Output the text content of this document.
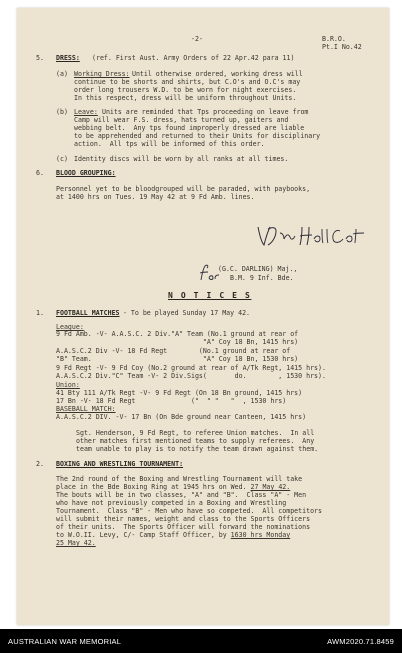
-2-	B.R.O.

Pt.I No.42

5. DRESS: (ref. First Aust. Army Orders of 22 Apr.42 para 11)

(a) Working Dress:

Until otherwise ordered, working dress will

continue to be shorts and shirts, but C.O's and O.C's may

order long trousers W.D. to be worn for night exercises.

In this respect, dress will be uniform throughout Units.

(b) Leave: Units are reminded that Tps proceeding on leave from

Camp will wear F.S. dress, hats turned up, gaiters and

webbing belt.  Any tps found improperly dressed are liable

to be apprehended and returned to their Units for disciplinary

action.  All tps will be informed of this order.

(c) Identity discs will be worn by all ranks at all times.

6. BLOOD GROUPING:

Personnel yet to be bloodgrouped will be paraded, with paybooks,

at 1400 hrs on Tues. 19 May 42 at 9 Fd Amb. lines.

(G.C. DARLING) Maj.,

B.M. 9 Inf. Bde.

N O T I C E S

1. FOOTBALL MATCHES - To be played Sunday 17 May 42.

League:

9 Fd Amb. -V- A.A.S.C. 2 Div."A" Team (No.1 ground at rear of

"A" Coy 18 Bn, 1415 hrs)

A.A.S.C.2 Div -V- 18 Fd Regt        (No.1 ground at rear of

"B" Team.                            "A" Coy 18 Bn, 1530 hrs)

9 Fd Regt -V- 9 Fd Coy (No.2 ground at rear of A/Tk Regt, 1415 hrs).

A.A.S.C.2 Div."C" Team -V- 2 Div.Sigs(       do.        , 1530 hrs).

Union:

41 Bty 111 A/Tk Regt -V- 9 Fd Regt (On 18 Bn ground, 1415 hrs)

17 Bn -V- 18 Fd Regt              ("  " "   "  , 1530 hrs)

BASEBALL MATCH:

A.A.S.C.2 DIV. -V- 17 Bn (On Bde ground near Canteen, 1415 hrs)

Sgt. Henderson, 9 Fd Regt, to referee Union matches.  In all

other matches first mentioned teams to supply referees.  Any

team unable to play is to notify the team drawn against them.

2. BOXING AND WRESTLING TOURNAMENT:

The 2nd round of the Boxing and Wrestling Tournament will take

place in the Bde Boxing Ring at 1945 hrs on Wed. 27 May 42.

The bouts will be in two classes, "A" and "B".  Class "A" - Men

who have not previously competed in a Boxing and Wrestling

Tournament.  Class "B" - Men who have so competed.  All competitors

will submit their names, weight and class to the Sports Officers

of their units.  The Sports Officer will forward the nominations

to W.O.II. Levy, C/- Camp Staff Officer, by 1630 hrs Monday

25 May 42.

AUSTRALIAN WAR MEMORIAL	AWM2020.71.8459
